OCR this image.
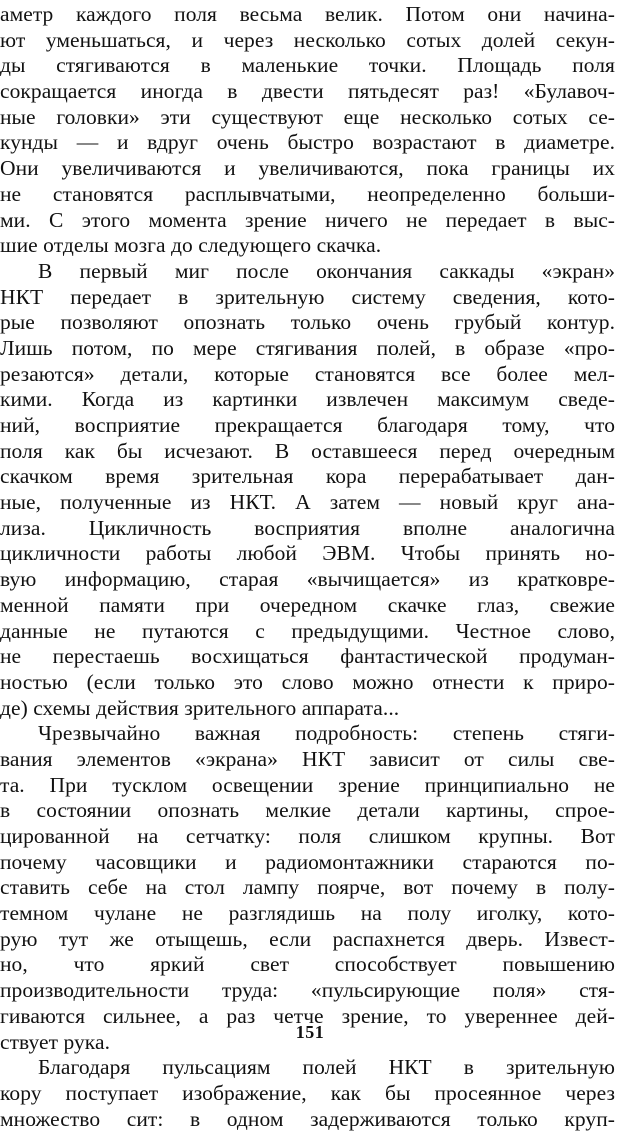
аметр каждого поля весьма велик. Потом они начина-
ют уменьшаться, и через несколько сотых долей секун-
ды стягиваются в маленькие точки. Площадь поля
сокращается иногда в двести пятьдесят раз! «Булавоч-
ные головки» эти существуют еще несколько сотых се-
кунды — и вдруг очень быстро возрастают в диаметре.
Они увеличиваются и увеличиваются, пока границы их
не становятся расплывчатыми, неопределенно больши-
ми. С этого момента зрение ничего не передает в выс-
шие отделы мозга до следующего скачка.
В первый миг после окончания саккады «экран»
НКТ передает в зрительную систему сведения, кото-
рые позволяют опознать только очень грубый контур.
Лишь потом, по мере стягивания полей, в образе «про-
резаются» детали, которые становятся все более мел-
кими. Когда из картинки извлечен максимум сведе-
ний, восприятие прекращается благодаря тому, что
поля как бы исчезают. В оставшееся перед очередным
скачком время зрительная кора перерабатывает дан-
ные, полученные из НКТ. А затем — новый круг ана-
лиза. Цикличность восприятия вполне аналогична
цикличности работы любой ЭВМ. Чтобы принять но-
вую информацию, старая «вычищается» из кратковре-
менной памяти при очередном скачке глаз, свежие
данные не путаются с предыдущими. Честное слово,
не перестаешь восхищаться фантастической продуман-
ностью (если только это слово можно отнести к приро-
де) схемы действия зрительного аппарата...
Чрезвычайно важная подробность: степень стяги-
вания элементов «экрана» НКТ зависит от силы све-
та. При тусклом освещении зрение принципиально не
в состоянии опознать мелкие детали картины, спрое-
цированной на сетчатку: поля слишком крупны. Вот
почему часовщики и радиомонтажники стараются по-
ставить себе на стол лампу поярче, вот почему в полу-
темном чулане не разглядишь на полу иголку, кото-
рую тут же отыщешь, если распахнется дверь. Извест-
но, что яркий свет способствует повышению
производительности труда: «пульсирующие поля» стя-
гиваются сильнее, а раз четче зрение, то увереннее дей-
ствует рука.
Благодаря пульсациям полей НКТ в зрительную
кору поступает изображение, как бы просеянное через
множество сит: в одном задерживаются только круп-
151
